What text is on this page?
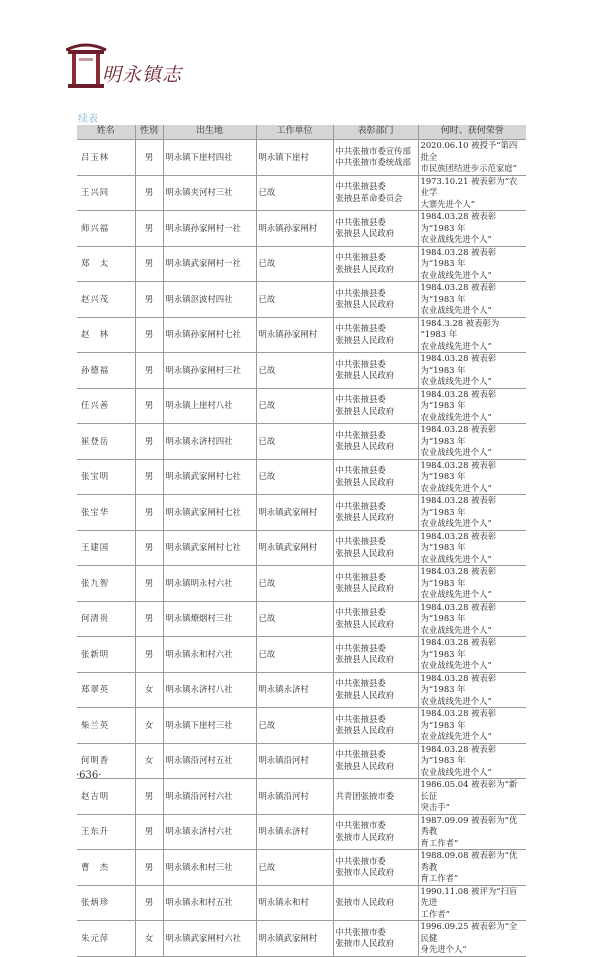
明永镇志
续表
姓名	性别	出生地	工作单位	表彰部门	何时、获何荣誉
吕玉林	男	明永镇下崖村四社	明永镇下崖村	中共张掖市委宣传部
中共张掖市委统战部	2020.06.10 被授予“第四批全
市民族团结进步示范家庭”

王兴同	男	明永镇夹河村三社	已故	中共张掖县委
张掖县革命委员会	1973.10.21 被表彰为“农业学
大寨先进个人”

师兴福	男	明永镇孙家闸村一社	明永镇孙家闸村	中共张掖县委
张掖县人民政府	1984.03.28 被表彰为“1983 年
农业战线先进个人”

郑　太	男	明永镇武家闸村一社	已故	中共张掖县委
张掖县人民政府	1984.03.28 被表彰为“1983 年
农业战线先进个人”

赵兴茂	男	明永镇沤波村四社	已故	中共张掖县委
张掖县人民政府	1984.03.28 被表彰为“1983 年
农业战线先进个人”

赵　林	男	明永镇孙家闸村七社	明永镇孙家闸村	中共张掖县委
张掖县人民政府	1984.3.28 被表彰为 “1983 年
农业战线先进个人”

孙德福	男	明永镇孙家闸村三社	已故	中共张掖县委
张掖县人民政府	1984.03.28 被表彰为“1983 年
农业战线先进个人”

任兴善	男	明永镇上崖村八社	已故	中共张掖县委
张掖县人民政府	1984.03.28 被表彰为“1983 年
农业战线先进个人”

崔登岳	男	明永镇永济村四社	已故	中共张掖县委
张掖县人民政府	1984.03.28 被表彰为“1983 年
农业战线先进个人”

张宝明	男	明永镇武家闸村七社	已故	中共张掖县委
张掖县人民政府	1984.03.28 被表彰为“1983 年
农业战线先进个人”

张宝华	男	明永镇武家闸村七社	明永镇武家闸村	中共张掖县委
张掖县人民政府	1984.03.28 被表彰为“1983 年
农业战线先进个人”

王建国	男	明永镇武家闸村七社	明永镇武家闸村	中共张掖县委
张掖县人民政府	1984.03.28 被表彰为“1983 年
农业战线先进个人”

张九智	男	明永镇明永村六社	已故	中共张掖县委
张掖县人民政府	1984.03.28 被表彰为“1983 年
农业战线先进个人”

何清贵	男	明永镇燎烟村三社	已故	中共张掖县委
张掖县人民政府	1984.03.28 被表彰为“1983 年
农业战线先进个人”

张新明	男	明永镇永和村六社	已故	中共张掖县委
张掖县人民政府	1984.03.28 被表彰为“1983 年
农业战线先进个人”

郑翠英	女	明永镇永济村八社	明永镇永济村	中共张掖县委
张掖县人民政府	1984.03.28 被表彰为“1983 年
农业战线先进个人”

柴兰英	女	明永镇下崖村三社	已故	中共张掖县委
张掖县人民政府	1984.03.28 被表彰为“1983 年
农业战线先进个人”

何明香	女	明永镇沿河村五社	明永镇沿河村	中共张掖县委
张掖县人民政府	1984.03.28 被表彰为“1983 年
农业战线先进个人”

赵吉明	男	明永镇沿河村六社	明永镇沿河村	共青团张掖市委	1986.05.04 被表彰为“新长征
突击手”

王东升	男	明永镇永济村六社	明永镇永济村	中共张掖市委
张掖市人民政府	1987.09.09 被表彰为“优秀教
育工作者”

曹　杰	男	明永镇永和村三社	已故	中共张掖市委
张掖市人民政府	1988.09.08 被表彰为“优秀教
育工作者”

张炳珍	男	明永镇永和村五社	明永镇永和村	张掖市人民政府	1990.11.08 被评为“扫盲先进
工作者”

朱元萍	女	明永镇武家闸村六社	明永镇武家闸村	中共张掖市委
张掖市人民政府	1996.09.25 被表彰为“全民健
身先进个人”
·636·
